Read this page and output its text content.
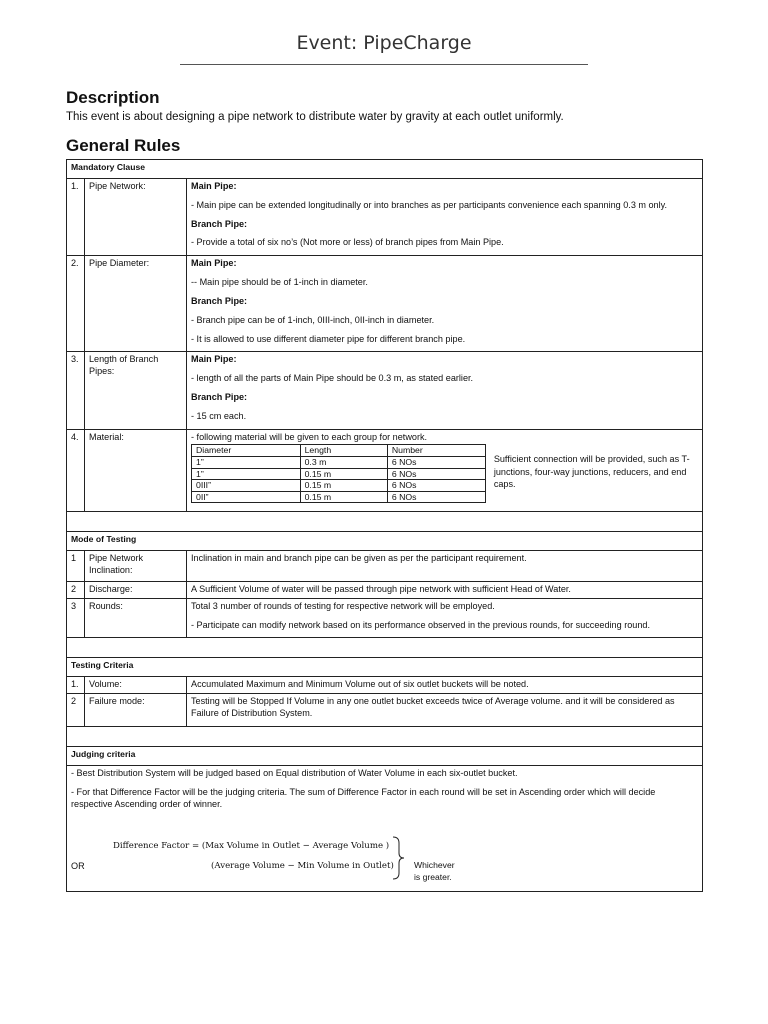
Event: PipeCharge
Description
This event is about designing a pipe network to distribute water by gravity at each outlet uniformly.
General Rules
Mandatory Clause
1.	Pipe Network:	Main Pipe:

- Main pipe can be extended longitudinally or into branches as per participants convenience each spanning 0.3 m only.

Branch Pipe:

- Provide a total of six no’s (Not more or less) of branch pipes from Main Pipe.

2.	Pipe Diameter:	Main Pipe:

-- Main pipe should be of 1-inch in diameter.

Branch Pipe:

- Branch pipe can be of 1-inch, 0III-inch, 0II-inch in diameter.

- It is allowed to use different diameter pipe for different branch pipe.

3.	Length of Branch Pipes:	

Main Pipe:

- length of all the parts of Main Pipe should be 0.3 m, as stated earlier.

Branch Pipe:

- 15 cm each.

4.	Material:	- following material will be given to each group for network.
Diameter	Length	Number
1”	0.3 m	6 NOs
1”	0.15 m	6 NOs
0III”	0.15 m	6 NOs
0II”	0.15 m	6 NOs
Sufficient connection will be provided, such as T-junctions, four-way junctions, reducers, and end caps.

Mode of Testing
1	Pipe Network Inclination:	Inclination in main and branch pipe can be given as per the participant requirement.
2	Discharge:	A Sufficient Volume of water will be passed through pipe network with sufficient Head of Water.
3	Rounds:	Total 3 number of rounds of testing for respective network will be employed.

- Participate can modify network based on its performance observed in the previous rounds, for succeeding round.

Testing Criteria
1.	Volume:	Accumulated Maximum and Minimum Volume out of six outlet buckets will be noted.
2	Failure mode:	Testing will be Stopped If Volume in any one outlet bucket exceeds twice of Average volume. and it will be considered as Failure of Distribution System.

Judging criteria

- Best Distribution System will be judged based on Equal distribution of Water Volume in each six-outlet bucket.

- For that Difference Factor will be the judging criteria. The sum of Difference Factor in each round will be set in Ascending order which will decide respective Ascending order of winner.

Difference Factor = (Max Volume in Outlet − Average Volume )
OR	(Average Volume − Min Volume in Outlet) Whichever
is greater.
